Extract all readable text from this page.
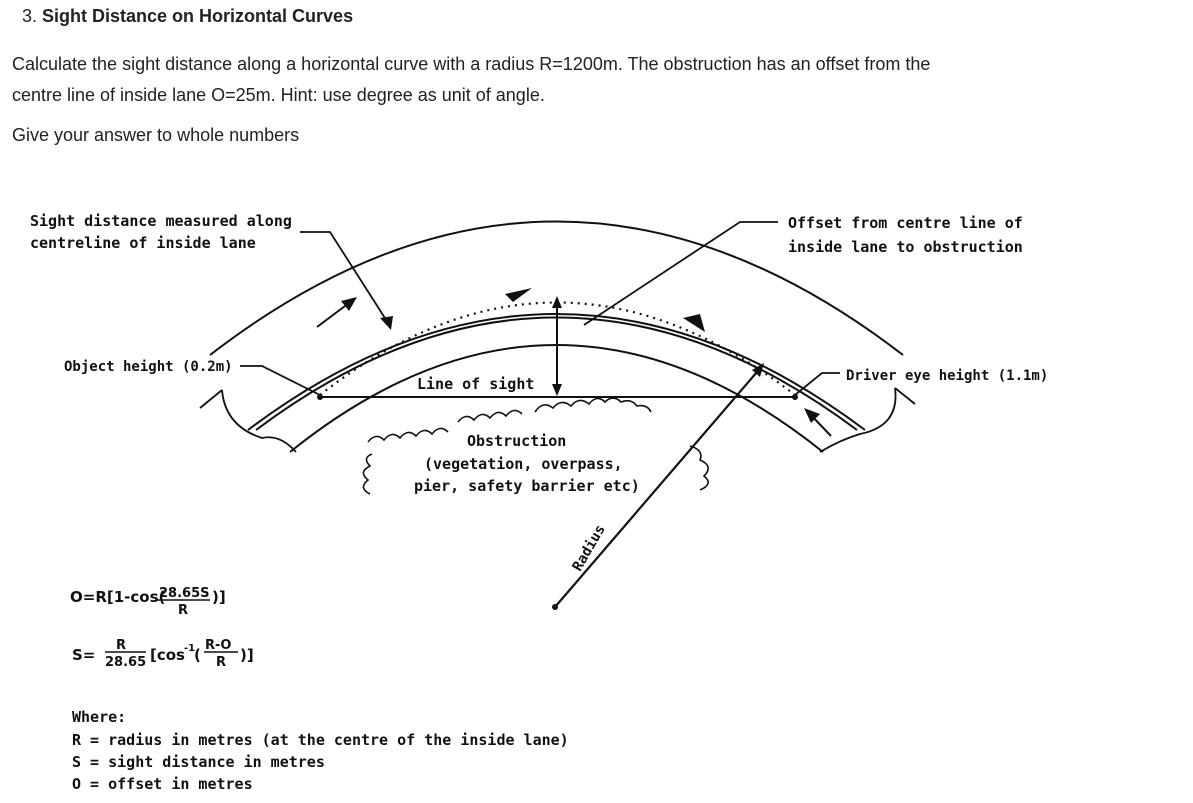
3. Sight Distance on Horizontal Curves
Calculate the sight distance along a horizontal curve with a radius R=1200m. The obstruction has an offset from the
centre line of inside lane O=25m. Hint: use degree as unit of angle.
Give your answer to whole numbers
Radius
Sight distance measured along
centreline of inside lane
Offset from centre line of
inside lane to obstruction
Object height (0.2m)
Driver eye height (1.1m)
Line of sight
Obstruction
(vegetation, overpass,
pier, safety barrier etc)
O=R[1-cos(
28.65S
R
)]
S=
R
28.65 [cos -1
(
R-O
R )]
Where:
R = radius in metres (at the centre of the inside lane)
S = sight distance in metres
O = offset in metres
